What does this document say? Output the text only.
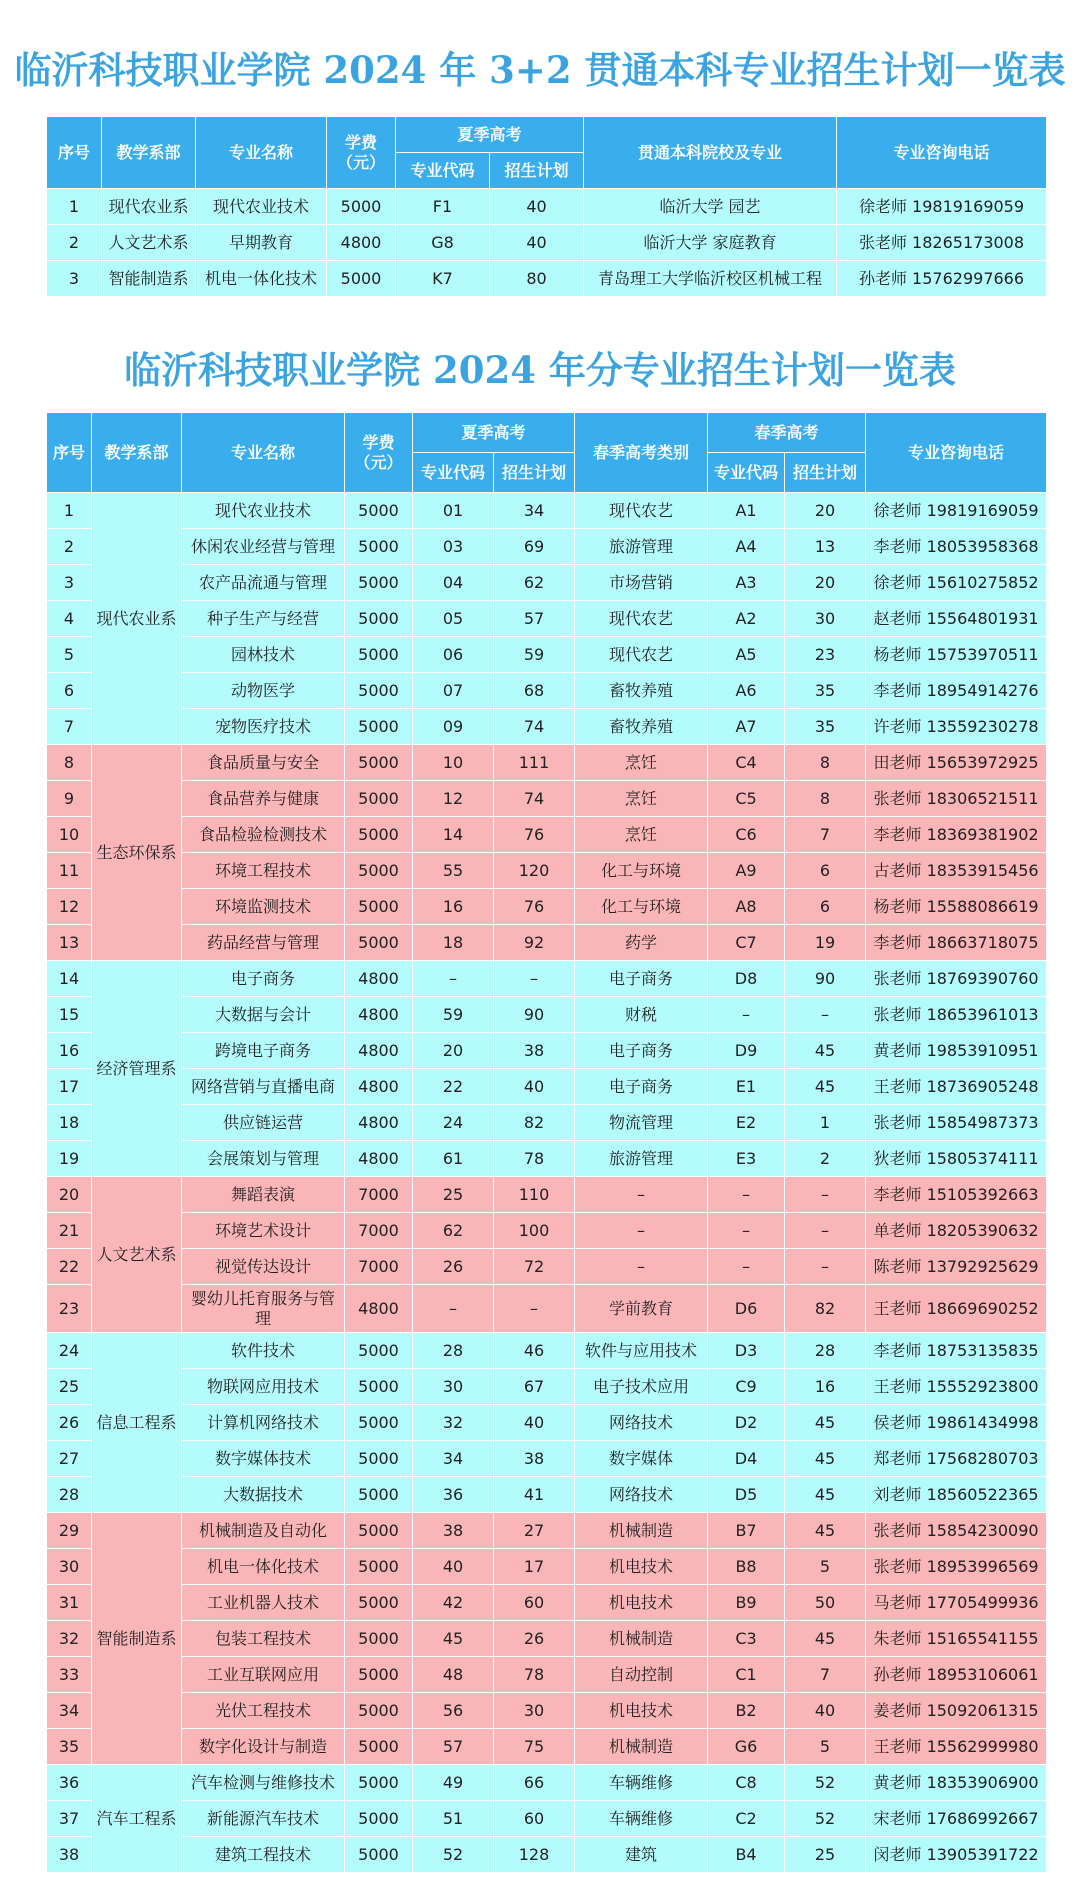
临沂科技职业学院 2024 年 3+2 贯通本科专业招生计划一览表
序号	教学系部	专业名称	学费（元）	夏季高考		贯通本科院校及专业	专业咨询电话
				专业代码	招生计划		
1	现代农业系	现代农业技术	5000	F1	40	临沂大学 园艺	徐老师 19819169059
2	人文艺术系	早期教育	4800	G8	40	临沂大学 家庭教育	张老师 18265173008
3	智能制造系	机电一体化技术	5000	K7	80	青岛理工大学临沂校区机械工程	孙老师 15762997666
临沂科技职业学院 2024 年分专业招生计划一览表
序号	教学系部	专业名称	学费（元）	夏季高考		春季高考类别	春季高考		专业咨询电话
				专业代码	招生计划		专业代码	招生计划	
1	现代农业系	现代农业技术	5000	01	34	现代农艺	A1	20	徐老师 19819169059
2		休闲农业经营与管理	5000	03	69	旅游管理	A4	13	李老师 18053958368
3		农产品流通与管理	5000	04	62	市场营销	A3	20	徐老师 15610275852
4		种子生产与经营	5000	05	57	现代农艺	A2	30	赵老师 15564801931
5		园林技术	5000	06	59	现代农艺	A5	23	杨老师 15753970511
6		动物医学	5000	07	68	畜牧养殖	A6	35	李老师 18954914276
7		宠物医疗技术	5000	09	74	畜牧养殖	A7	35	许老师 13559230278
8	生态环保系	食品质量与安全	5000	10	111	烹饪	C4	8	田老师 15653972925
9		食品营养与健康	5000	12	74	烹饪	C5	8	张老师 18306521511
10		食品检验检测技术	5000	14	76	烹饪	C6	7	李老师 18369381902
11		环境工程技术	5000	55	120	化工与环境	A9	6	古老师 18353915456
12		环境监测技术	5000	16	76	化工与环境	A8	6	杨老师 15588086619
13		药品经营与管理	5000	18	92	药学	C7	19	李老师 18663718075
14	经济管理系	电子商务	4800	–	–	电子商务	D8	90	张老师 18769390760
15		大数据与会计	4800	59	90	财税	–	–	张老师 18653961013
16		跨境电子商务	4800	20	38	电子商务	D9	45	黄老师 19853910951
17		网络营销与直播电商	4800	22	40	电子商务	E1	45	王老师 18736905248
18		供应链运营	4800	24	82	物流管理	E2	1	张老师 15854987373
19		会展策划与管理	4800	61	78	旅游管理	E3	2	狄老师 15805374111
20	人文艺术系	舞蹈表演	7000	25	110	–	–	–	李老师 15105392663
21		环境艺术设计	7000	62	100	–	–	–	单老师 18205390632
22		视觉传达设计	7000	26	72	–	–	–	陈老师 13792925629
23		婴幼儿托育服务与管理	4800	–	–	学前教育	D6	82	王老师 18669690252
24	信息工程系	软件技术	5000	28	46	软件与应用技术	D3	28	李老师 18753135835
25		物联网应用技术	5000	30	67	电子技术应用	C9	16	王老师 15552923800
26		计算机网络技术	5000	32	40	网络技术	D2	45	侯老师 19861434998
27		数字媒体技术	5000	34	38	数字媒体	D4	45	郑老师 17568280703
28		大数据技术	5000	36	41	网络技术	D5	45	刘老师 18560522365
29	智能制造系	机械制造及自动化	5000	38	27	机械制造	B7	45	张老师 15854230090
30		机电一体化技术	5000	40	17	机电技术	B8	5	张老师 18953996569
31		工业机器人技术	5000	42	60	机电技术	B9	50	马老师 17705499936
32		包装工程技术	5000	45	26	机械制造	C3	45	朱老师 15165541155
33		工业互联网应用	5000	48	78	自动控制	C1	7	孙老师 18953106061
34		光伏工程技术	5000	56	30	机电技术	B2	40	姜老师 15092061315
35		数字化设计与制造	5000	57	75	机械制造	G6	5	王老师 15562999980
36	汽车工程系	汽车检测与维修技术	5000	49	66	车辆维修	C8	52	黄老师 18353906900
37		新能源汽车技术	5000	51	60	车辆维修	C2	52	宋老师 17686992667
38		建筑工程技术	5000	52	128	建筑	B4	25	闵老师 13905391722
